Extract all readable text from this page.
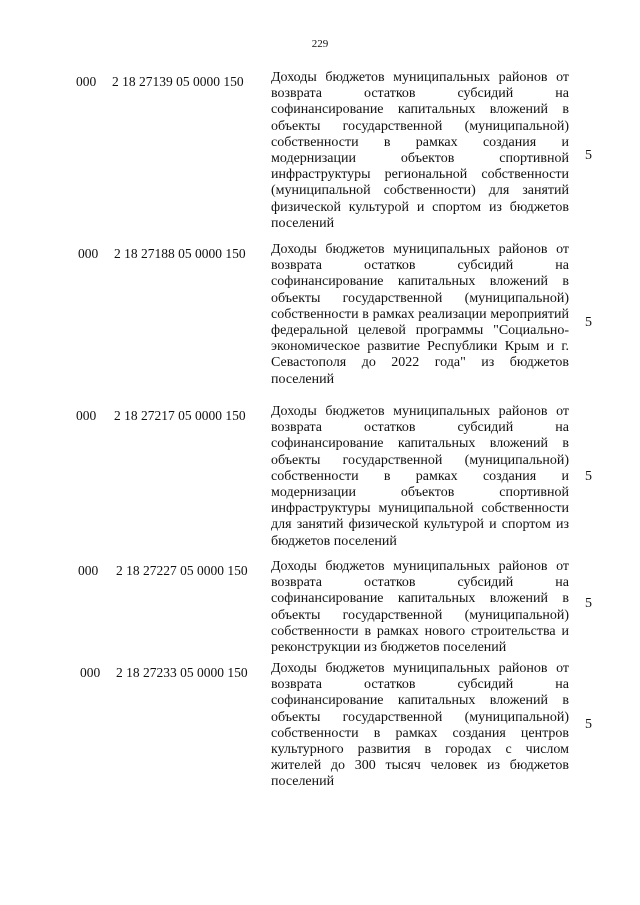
229
000 2 18 27139 05 0000 150 Доходы бюджетов муниципальных районов от возврата остатков субсидий на софинансирование капитальных вложений в объекты государственной (муниципальной) собственности в рамках создания и модернизации объектов спортивной инфраструктуры региональной собственности (муниципальной собственности) для занятий физической культурой и спортом из бюджетов поселений
5
000 2 18 27188 05 0000 150 Доходы бюджетов муниципальных районов от возврата остатков субсидий на софинансирование капитальных вложений в объекты государственной (муниципальной) собственности в рамках реализации мероприятий федеральной целевой программы "Социально-экономическое развитие Республики Крым и г. Севастополя до 2022 года" из бюджетов поселений
5
000 2 18 27217 05 0000 150 Доходы бюджетов муниципальных районов от возврата остатков субсидий на софинансирование капитальных вложений в объекты государственной (муниципальной) собственности в рамках создания и модернизации объектов спортивной инфраструктуры муниципальной собственности для занятий физической культурой и спортом из бюджетов поселений
5
000 2 18 27227 05 0000 150 Доходы бюджетов муниципальных районов от возврата остатков субсидий на софинансирование капитальных вложений в объекты государственной (муниципальной) собственности в рамках нового строительства и реконструкции из бюджетов поселений
5
000 2 18 27233 05 0000 150 Доходы бюджетов муниципальных районов от возврата остатков субсидий на софинансирование капитальных вложений в объекты государственной (муниципальной) собственности в рамках создания центров культурного развития в городах с числом жителей до 300 тысяч человек из бюджетов поселений
5
